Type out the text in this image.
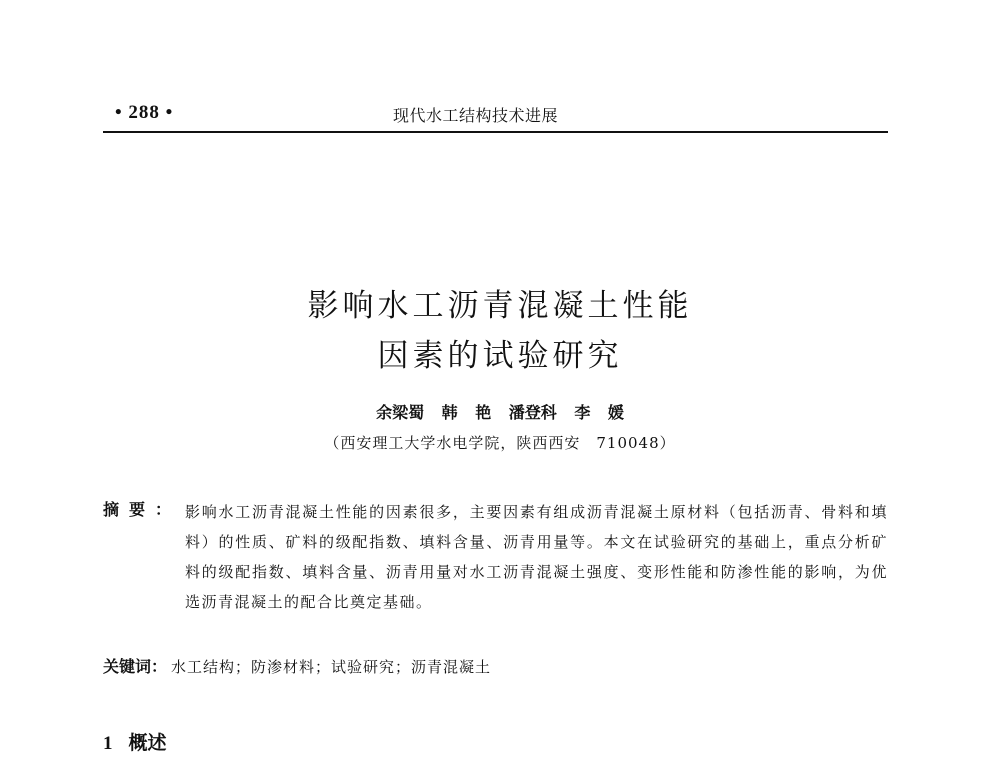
• 288 •	现代水工结构技术进展
影响水工沥青混凝土性能
因素的试验研究
余梁蜀 韩 艳 潘登科 李 媛
（西安理工大学水电学院，陕西西安　710048）
摘要： 影响水工沥青混凝土性能的因素很多，主要因素有组成沥青混凝土原材料（包括沥青、骨料和填料）的性质、矿料的级配指数、填料含量、沥青用量等。本文在试验研究的基础上，重点分析矿料的级配指数、填料含量、沥青用量对水工沥青混凝土强度、变形性能和防渗性能的影响，为优选沥青混凝土的配合比奠定基础。
关键词： 水工结构；防渗材料；试验研究；沥青混凝土
1 概述
